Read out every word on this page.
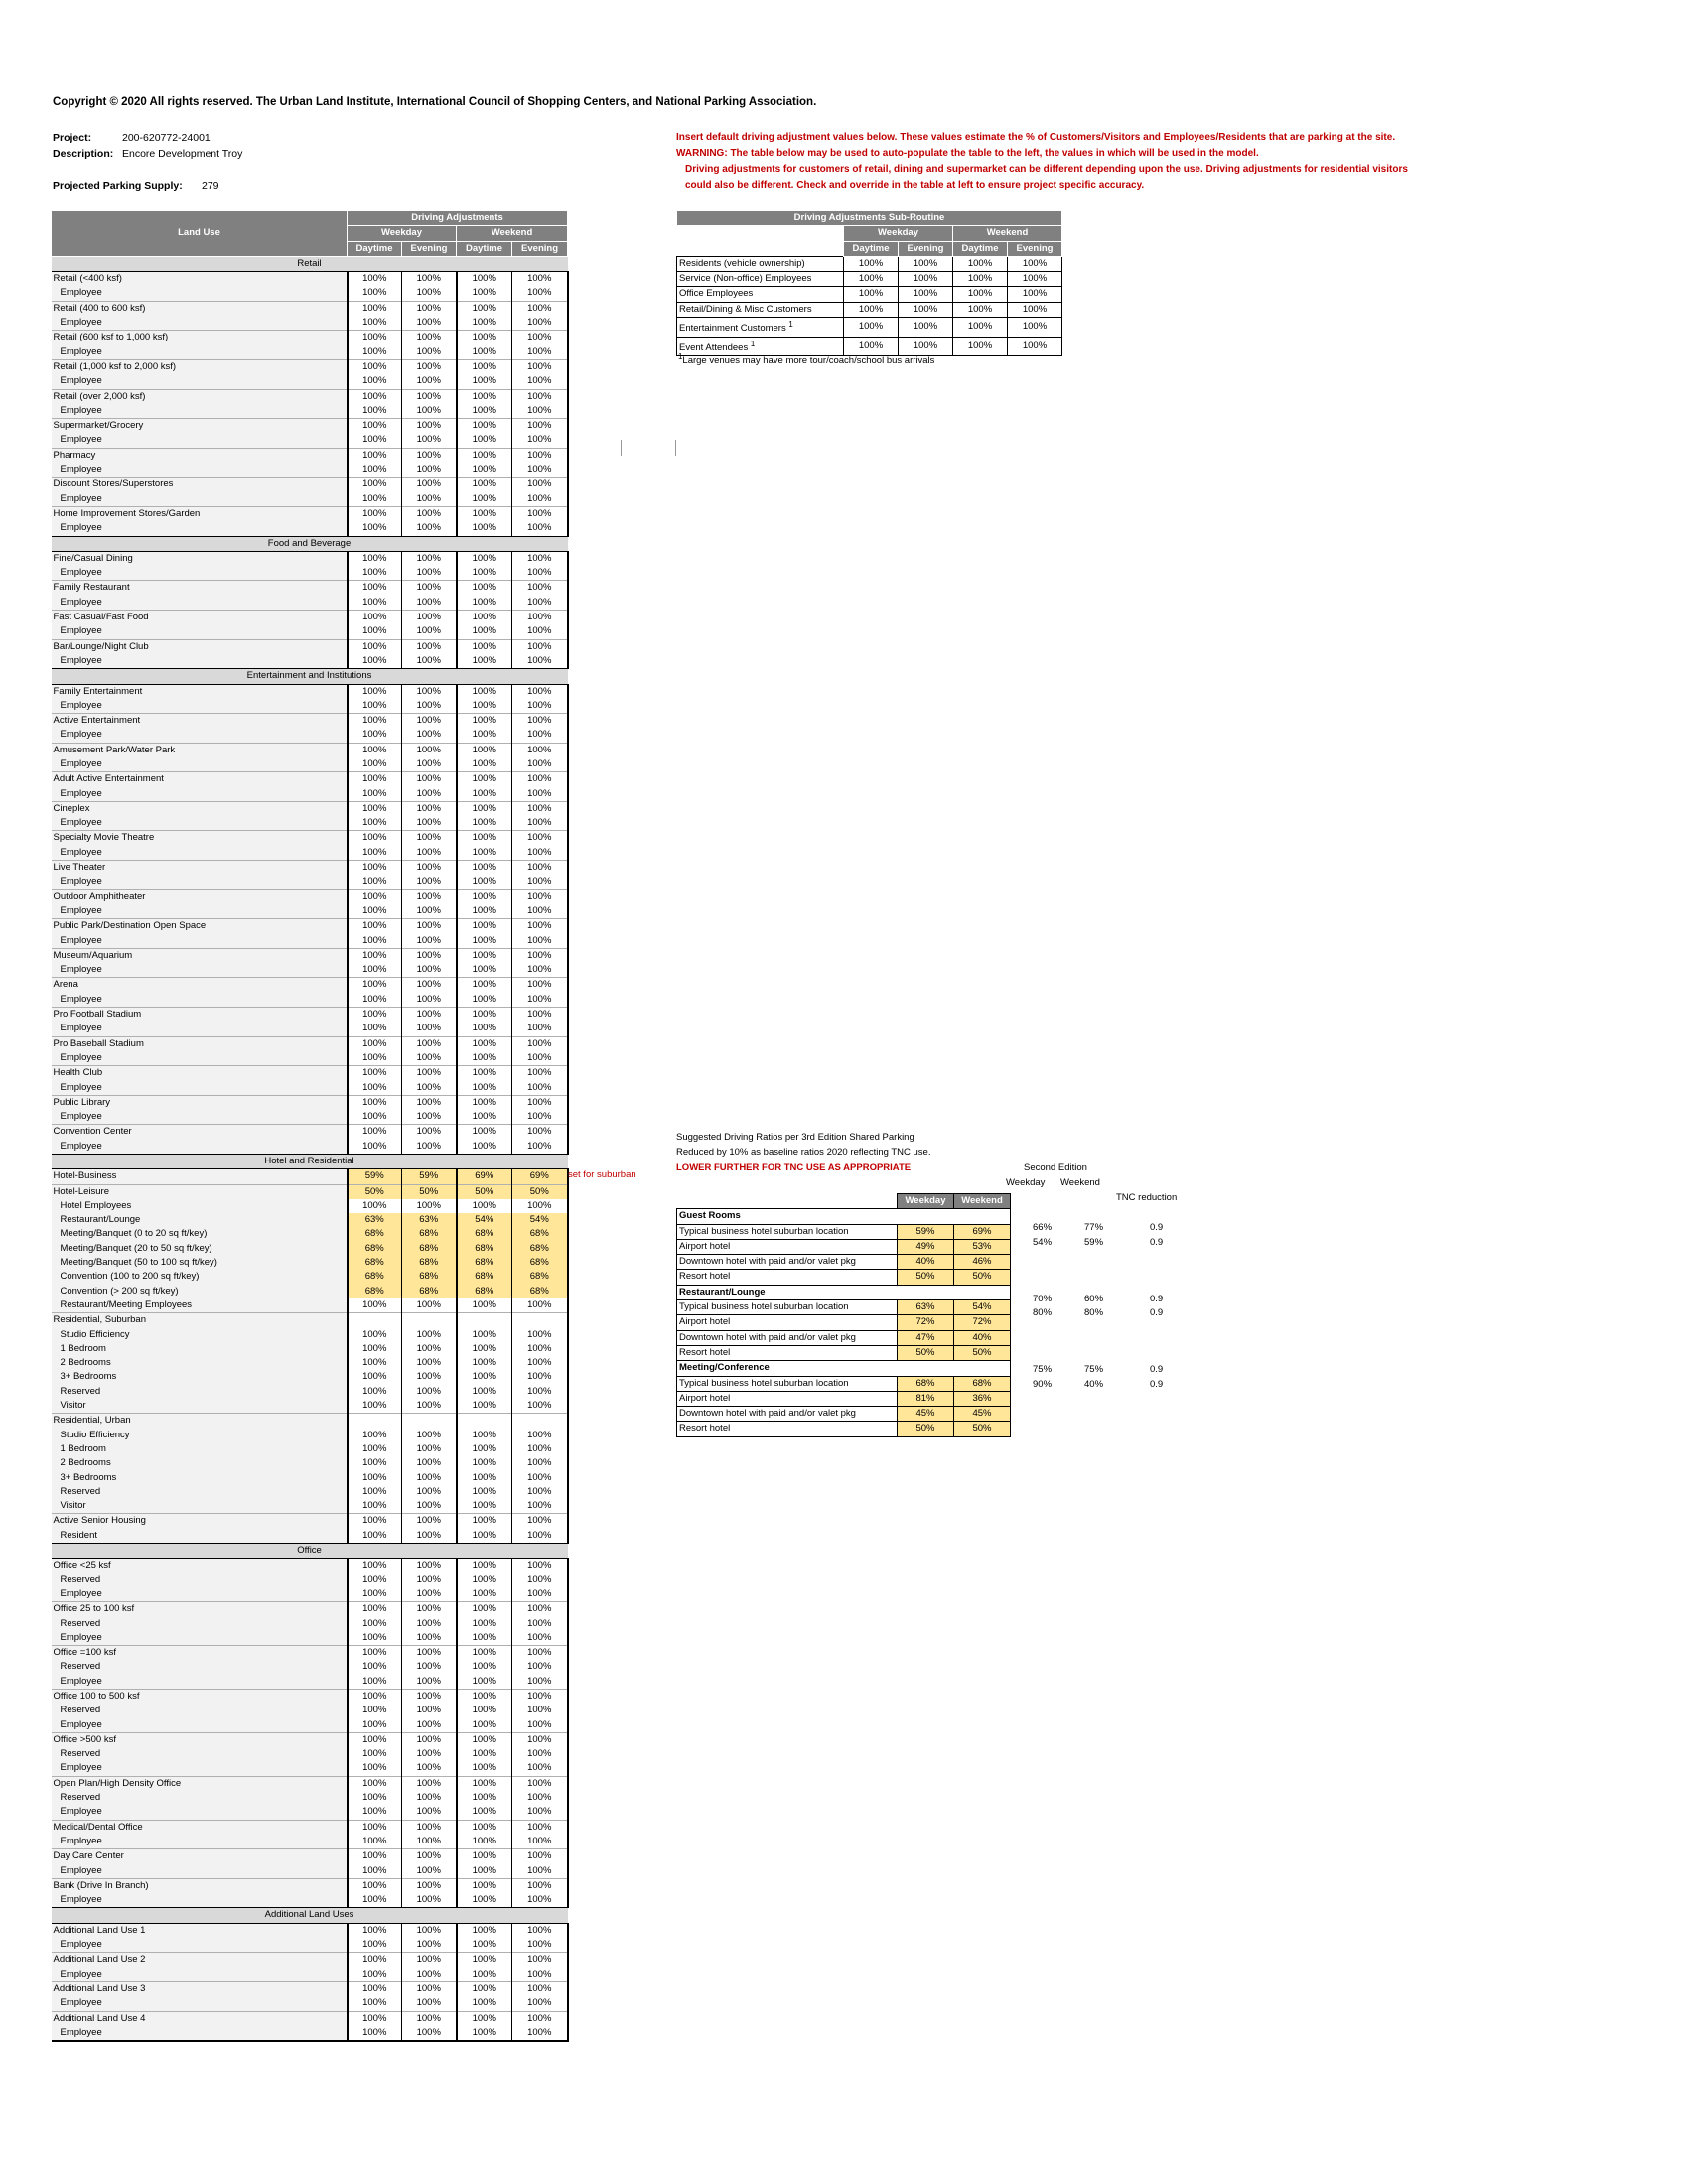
Copyright © 2020 All rights reserved. The Urban Land Institute, International Council of Shopping Centers, and National Parking Association.
Project:	200-620772-24001
Description: Encore Development Troy
Projected Parking Supply: 279
Insert default driving adjustment values below. These values estimate the % of Customers/Visitors and Employees/Residents that are parking at the site.
WARNING: The table below may be used to auto-populate the table to the left, the values in which will be used in the model.
Driving adjustments for customers of retail, dining and supermarket can be different depending upon the use. Driving adjustments for residential visitors
could also be different. Check and override in the table at left to ensure project specific accuracy.
Land Use	Driving Adjustments			
	Weekday		Weekend	
	Daytime	Evening	Daytime	Evening
Retail				
Retail (<400 ksf)	100%	100%	100%	100%
Employee	100%	100%	100%	100%
Retail (400 to 600 ksf)	100%	100%	100%	100%
Employee	100%	100%	100%	100%
Retail (600 ksf to 1,000 ksf)	100%	100%	100%	100%
Employee	100%	100%	100%	100%
Retail (1,000 ksf to 2,000 ksf)	100%	100%	100%	100%
Employee	100%	100%	100%	100%
Retail (over 2,000 ksf)	100%	100%	100%	100%
Employee	100%	100%	100%	100%
Supermarket/Grocery	100%	100%	100%	100%
Employee	100%	100%	100%	100%
Pharmacy	100%	100%	100%	100%
Employee	100%	100%	100%	100%
Discount Stores/Superstores	100%	100%	100%	100%
Employee	100%	100%	100%	100%
Home Improvement Stores/Garden	100%	100%	100%	100%
Employee	100%	100%	100%	100%
Food and Beverage				
Fine/Casual Dining	100%	100%	100%	100%
Employee	100%	100%	100%	100%
Family Restaurant	100%	100%	100%	100%
Employee	100%	100%	100%	100%
Fast Casual/Fast Food	100%	100%	100%	100%
Employee	100%	100%	100%	100%
Bar/Lounge/Night Club	100%	100%	100%	100%
Employee	100%	100%	100%	100%
Entertainment and Institutions				
Family Entertainment	100%	100%	100%	100%
Employee	100%	100%	100%	100%
Active Entertainment	100%	100%	100%	100%
Employee	100%	100%	100%	100%
Amusement Park/Water Park	100%	100%	100%	100%
Employee	100%	100%	100%	100%
Adult Active Entertainment	100%	100%	100%	100%
Employee	100%	100%	100%	100%
Cineplex	100%	100%	100%	100%
Employee	100%	100%	100%	100%
Specialty Movie Theatre	100%	100%	100%	100%
Employee	100%	100%	100%	100%
Live Theater	100%	100%	100%	100%
Employee	100%	100%	100%	100%
Outdoor Amphitheater	100%	100%	100%	100%
Employee	100%	100%	100%	100%
Public Park/Destination Open Space	100%	100%	100%	100%
Employee	100%	100%	100%	100%
Museum/Aquarium	100%	100%	100%	100%
Employee	100%	100%	100%	100%
Arena	100%	100%	100%	100%
Employee	100%	100%	100%	100%
Pro Football Stadium	100%	100%	100%	100%
Employee	100%	100%	100%	100%
Pro Baseball Stadium	100%	100%	100%	100%
Employee	100%	100%	100%	100%
Health Club	100%	100%	100%	100%
Employee	100%	100%	100%	100%
Public Library	100%	100%	100%	100%
Employee	100%	100%	100%	100%
Convention Center	100%	100%	100%	100%
Employee	100%	100%	100%	100%
Hotel and Residential				
Hotel-Business	59%	59%	69%	69%
Hotel-Leisure	50%	50%	50%	50%
Hotel Employees	100%	100%	100%	100%
Restaurant/Lounge	63%	63%	54%	54%
Meeting/Banquet (0 to 20 sq ft/key)	68%	68%	68%	68%
Meeting/Banquet (20 to 50 sq ft/key)	68%	68%	68%	68%
Meeting/Banquet (50 to 100 sq ft/key)	68%	68%	68%	68%
Convention (100 to 200 sq ft/key)	68%	68%	68%	68%
Convention (> 200 sq ft/key)	68%	68%	68%	68%
Restaurant/Meeting Employees	100%	100%	100%	100%
Residential, Suburban				
Studio Efficiency	100%	100%	100%	100%
1 Bedroom	100%	100%	100%	100%
2 Bedrooms	100%	100%	100%	100%
3+ Bedrooms	100%	100%	100%	100%
Reserved	100%	100%	100%	100%
Visitor	100%	100%	100%	100%
Residential, Urban				
Studio Efficiency	100%	100%	100%	100%
1 Bedroom	100%	100%	100%	100%
2 Bedrooms	100%	100%	100%	100%
3+ Bedrooms	100%	100%	100%	100%
Reserved	100%	100%	100%	100%
Visitor	100%	100%	100%	100%
Active Senior Housing	100%	100%	100%	100%
Resident	100%	100%	100%	100%
Office				
Office <25 ksf	100%	100%	100%	100%
Reserved	100%	100%	100%	100%
Employee	100%	100%	100%	100%
Office 25 to 100 ksf	100%	100%	100%	100%
Reserved	100%	100%	100%	100%
Employee	100%	100%	100%	100%
Office =100 ksf	100%	100%	100%	100%
Reserved	100%	100%	100%	100%
Employee	100%	100%	100%	100%
Office 100 to 500 ksf	100%	100%	100%	100%
Reserved	100%	100%	100%	100%
Employee	100%	100%	100%	100%
Office >500 ksf	100%	100%	100%	100%
Reserved	100%	100%	100%	100%
Employee	100%	100%	100%	100%
Open Plan/High Density Office	100%	100%	100%	100%
Reserved	100%	100%	100%	100%
Employee	100%	100%	100%	100%
Medical/Dental Office	100%	100%	100%	100%
Employee	100%	100%	100%	100%
Day Care Center	100%	100%	100%	100%
Employee	100%	100%	100%	100%
Bank (Drive In Branch)	100%	100%	100%	100%
Employee	100%	100%	100%	100%
Additional Land Uses				
Additional Land Use 1	100%	100%	100%	100%
Employee	100%	100%	100%	100%
Additional Land Use 2	100%	100%	100%	100%
Employee	100%	100%	100%	100%
Additional Land Use 3	100%	100%	100%	100%
Employee	100%	100%	100%	100%
Additional Land Use 4	100%	100%	100%	100%
Employee	100%	100%	100%	100%
set for suburban
Driving Adjustments Sub-Routine				
	Weekday		Weekend	
	Daytime	Evening	Daytime	Evening
Residents (vehicle ownership)	100%	100%	100%	100%
Service (Non-office) Employees	100%	100%	100%	100%
Office Employees	100%	100%	100%	100%
Retail/Dining & Misc Customers	100%	100%	100%	100%
Entertainment Customers $^1$	100%	100%	100%	100%
Event Attendees $^1$	100%	100%	100%	100%
$^1$Large venues may have more tour/coach/school bus arrivals
Suggested Driving Ratios per 3rd Edition Shared Parking
Reduced by 10% as baseline ratios 2020 reflecting TNC use.
Second Edition
LOWER FURTHER FOR TNC USE AS APPROPRIATE
Weekday Weekend
TNC reduction
	Weekday	Weekend
Guest Rooms		
Typical business hotel suburban location	59%	69%
Airport hotel	49%	53%
Downtown hotel with paid and/or valet pkg	40%	46%
Resort hotel	50%	50%
Restaurant/Lounge		
Typical business hotel suburban location	63%	54%
Airport hotel	72%	72%
Downtown hotel with paid and/or valet pkg	47%	40%
Resort hotel	50%	50%
Meeting/Conference		
Typical business hotel suburban location	68%	68%
Airport hotel	81%	36%
Downtown hotel with paid and/or valet pkg	45%	45%
Resort hotel	50%	50%
66%	77%	0.9
54%	59%	0.9
70%	60%	0.9
80%	80%	0.9
75%	75%	0.9
90%	40%	0.9
